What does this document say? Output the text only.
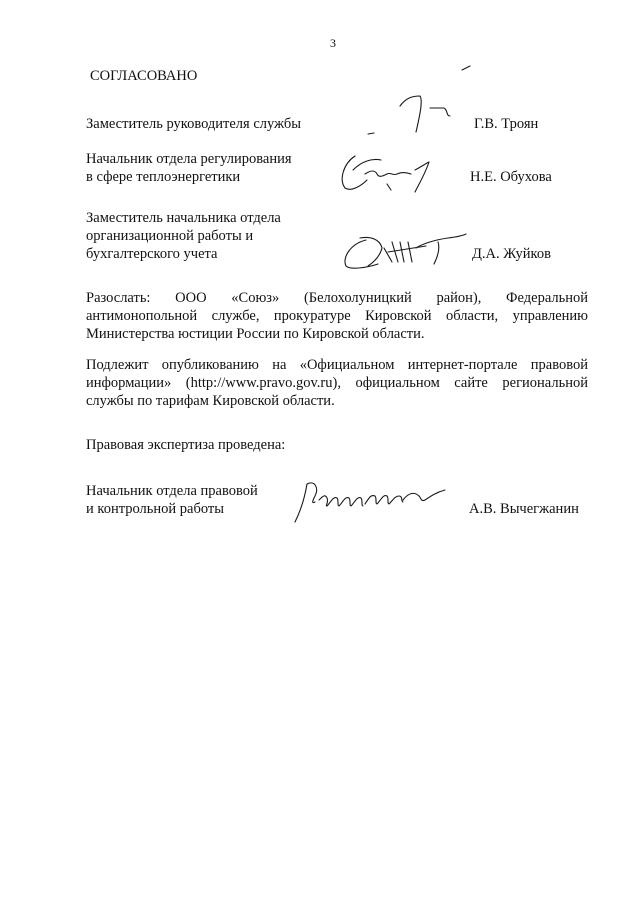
3
СОГЛАСОВАНО
Заместитель руководителя службы	Г.В. Троян
Начальник отдела регулирования
в сфере теплоэнергетики	Н.Е. Обухова
Заместитель начальника отдела
организационной работы и
бухгалтерского учета	Д.А. Жуйков
Разослать: ООО «Союз» (Белохолуницкий район), Федеральной антимонопольной службе, прокуратуре Кировской области, управлению Министерства юстиции России по Кировской области.
Подлежит опубликованию на «Официальном интернет-портале правовой информации» (http://www.pravo.gov.ru), официальном сайте региональной службы по тарифам Кировской области.
Правовая экспертиза проведена:
Начальник отдела правовой
и контрольной работы	А.В. Вычегжанин
